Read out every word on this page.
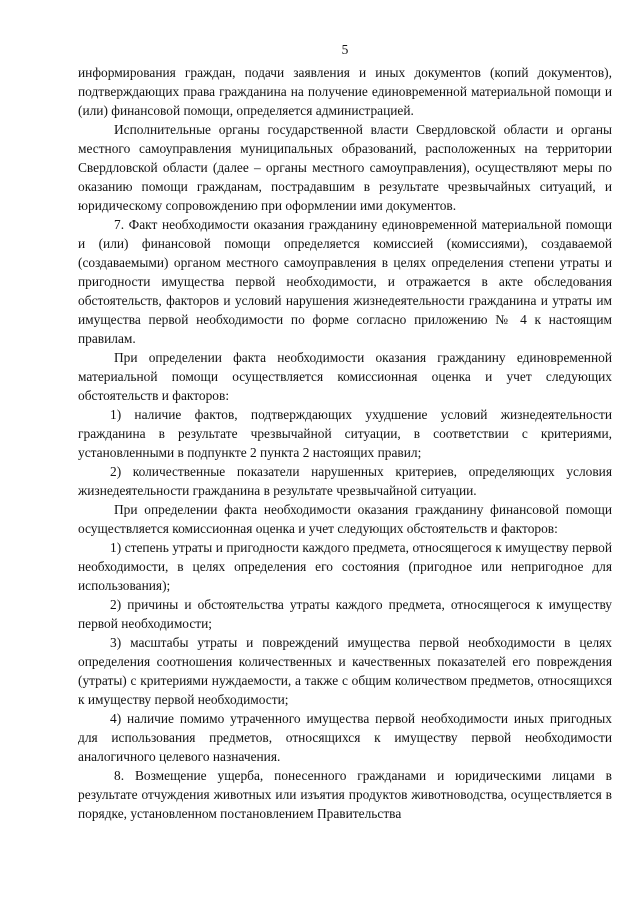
5

информирования граждан, подачи заявления и иных документов (копий документов), подтверждающих права гражданина на получение единовременной материальной помощи и (или) финансовой помощи, определяется администрацией.

Исполнительные органы государственной власти Свердловской области и органы местного самоуправления муниципальных образований, расположенных на территории Свердловской области (далее – органы местного самоуправления), осуществляют меры по оказанию помощи гражданам, пострадавшим в результате чрезвычайных ситуаций, и юридическому сопровождению при оформлении ими документов.

7. Факт необходимости оказания гражданину единовременной материальной помощи и (или) финансовой помощи определяется комиссией (комиссиями), создаваемой (создаваемыми) органом местного самоуправления в целях определения степени утраты и пригодности имущества первой необходимости, и отражается в акте обследования обстоятельств, факторов и условий нарушения жизнедеятельности гражданина и утраты им имущества первой необходимости по форме согласно приложению № 4 к настоящим правилам.

При определении факта необходимости оказания гражданину единовременной материальной помощи осуществляется комиссионная оценка и учет следующих обстоятельств и факторов:

1) наличие фактов, подтверждающих ухудшение условий жизнедеятельности гражданина в результате чрезвычайной ситуации, в соответствии с критериями, установленными в подпункте 2 пункта 2 настоящих правил;

2) количественные показатели нарушенных критериев, определяющих условия жизнедеятельности гражданина в результате чрезвычайной ситуации.

При определении факта необходимости оказания гражданину финансовой помощи осуществляется комиссионная оценка и учет следующих обстоятельств и факторов:

1) степень утраты и пригодности каждого предмета, относящегося к имуществу первой необходимости, в целях определения его состояния (пригодное или непригодное для использования);

2) причины и обстоятельства утраты каждого предмета, относящегося к имуществу первой необходимости;

3) масштабы утраты и повреждений имущества первой необходимости в целях определения соотношения количественных и качественных показателей его повреждения (утраты) с критериями нуждаемости, а также с общим количеством предметов, относящихся к имуществу первой необходимости;

4) наличие помимо утраченного имущества первой необходимости иных пригодных для использования предметов, относящихся к имуществу первой необходимости аналогичного целевого назначения.

8. Возмещение ущерба, понесенного гражданами и юридическими лицами в результате отчуждения животных или изъятия продуктов животноводства, осуществляется в порядке, установленном постановлением Правительства
